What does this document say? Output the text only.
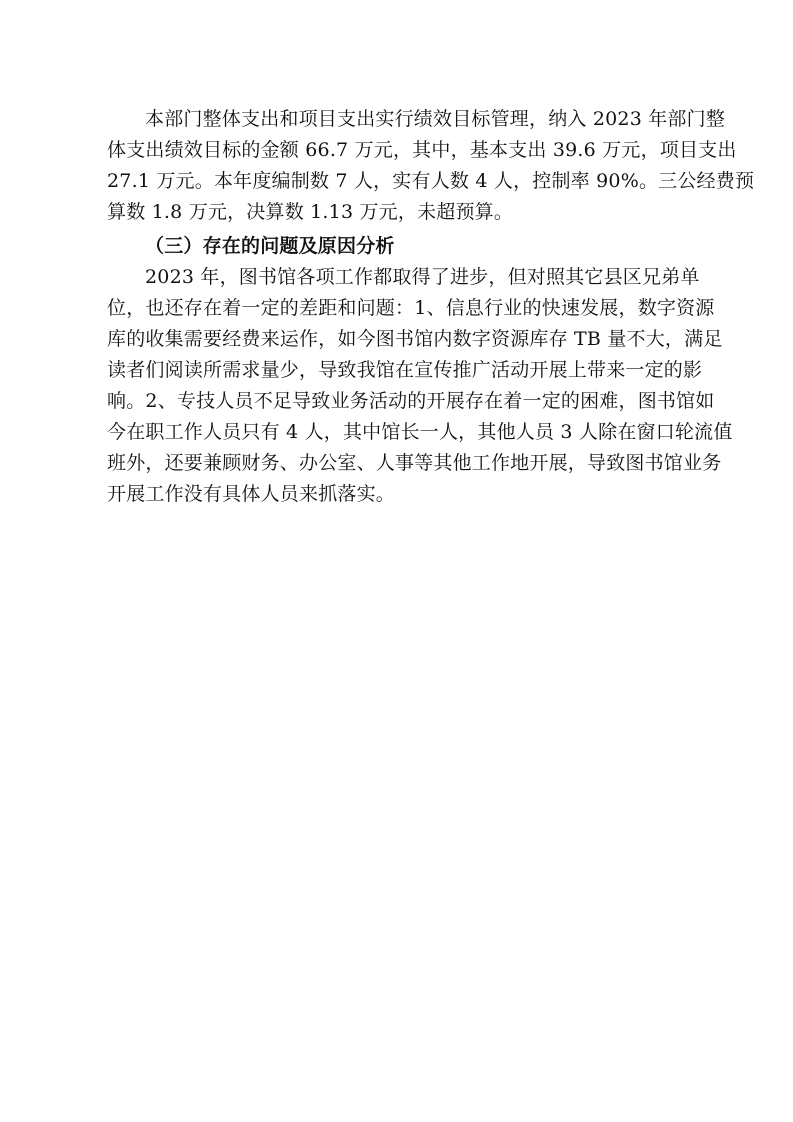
本部门整体支出和项目支出实行绩效目标管理，纳入 2023 年部门整
体支出绩效目标的金额 66.7 万元，其中，基本支出 39.6 万元，项目支出
27.1 万元。本年度编制数 7 人，实有人数 4 人，控制率 90%。三公经费预
算数 1.8 万元，决算数 1.13 万元，未超预算。
（三）存在的问题及原因分析
2023 年，图书馆各项工作都取得了进步，但对照其它县区兄弟单
位，也还存在着一定的差距和问题：1、信息行业的快速发展，数字资源
库的收集需要经费来运作，如今图书馆内数字资源库存 TB 量不大，满足
读者们阅读所需求量少，导致我馆在宣传推广活动开展上带来一定的影
响。2、专技人员不足导致业务活动的开展存在着一定的困难，图书馆如
今在职工作人员只有 4 人，其中馆长一人，其他人员 3 人除在窗口轮流值
班外，还要兼顾财务、办公室、人事等其他工作地开展，导致图书馆业务
开展工作没有具体人员来抓落实。
